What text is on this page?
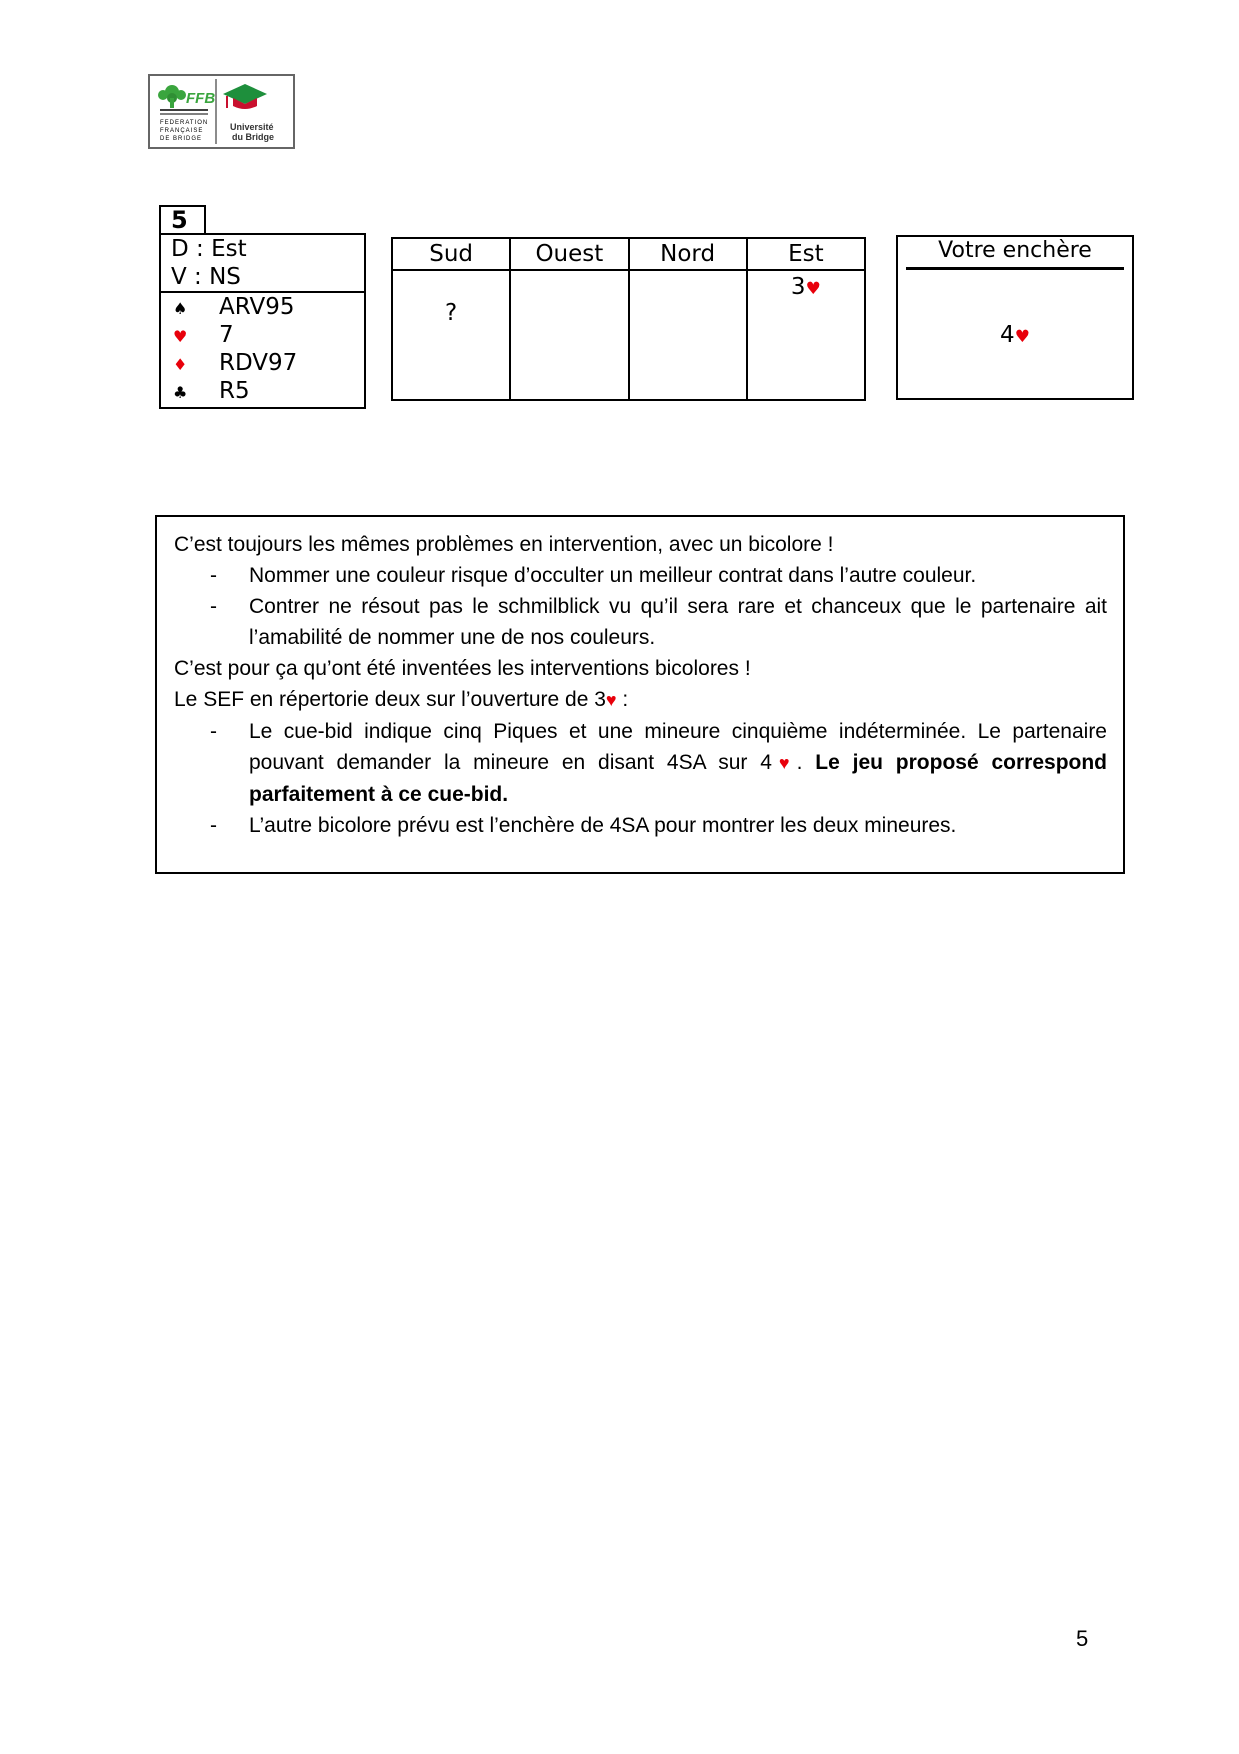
FFB
FEDERATION
FRANÇAISE
DE BRIDGE
Université
du Bridge
5
D : Est
V : NS
♠ ARV95
♥ 7
♦ RDV97
♣ R5
Sud	Ouest	Nord	Est

?			3♥
Votre enchère
4♥

C’est toujours les mêmes problèmes en intervention, avec un bicolore !

- Nommer une couleur risque d’occulter un meilleur contrat dans l’autre couleur.
- Contrer ne résout pas le schmilblick vu qu’il sera rare et chanceux que le partenaire ait l’amabilité de nommer une de nos couleurs.

C’est pour ça qu’ont été inventées les interventions bicolores !

Le SEF en répertorie deux sur l’ouverture de 3♥ :

- Le cue-bid indique cinq Piques et une mineure cinquième indéterminée. Le partenaire pouvant demander la mineure en disant 4SA sur 4♥. Le jeu proposé correspond parfaitement à ce cue-bid.
- L’autre bicolore prévu est l’enchère de 4SA pour montrer les deux mineures.
5
